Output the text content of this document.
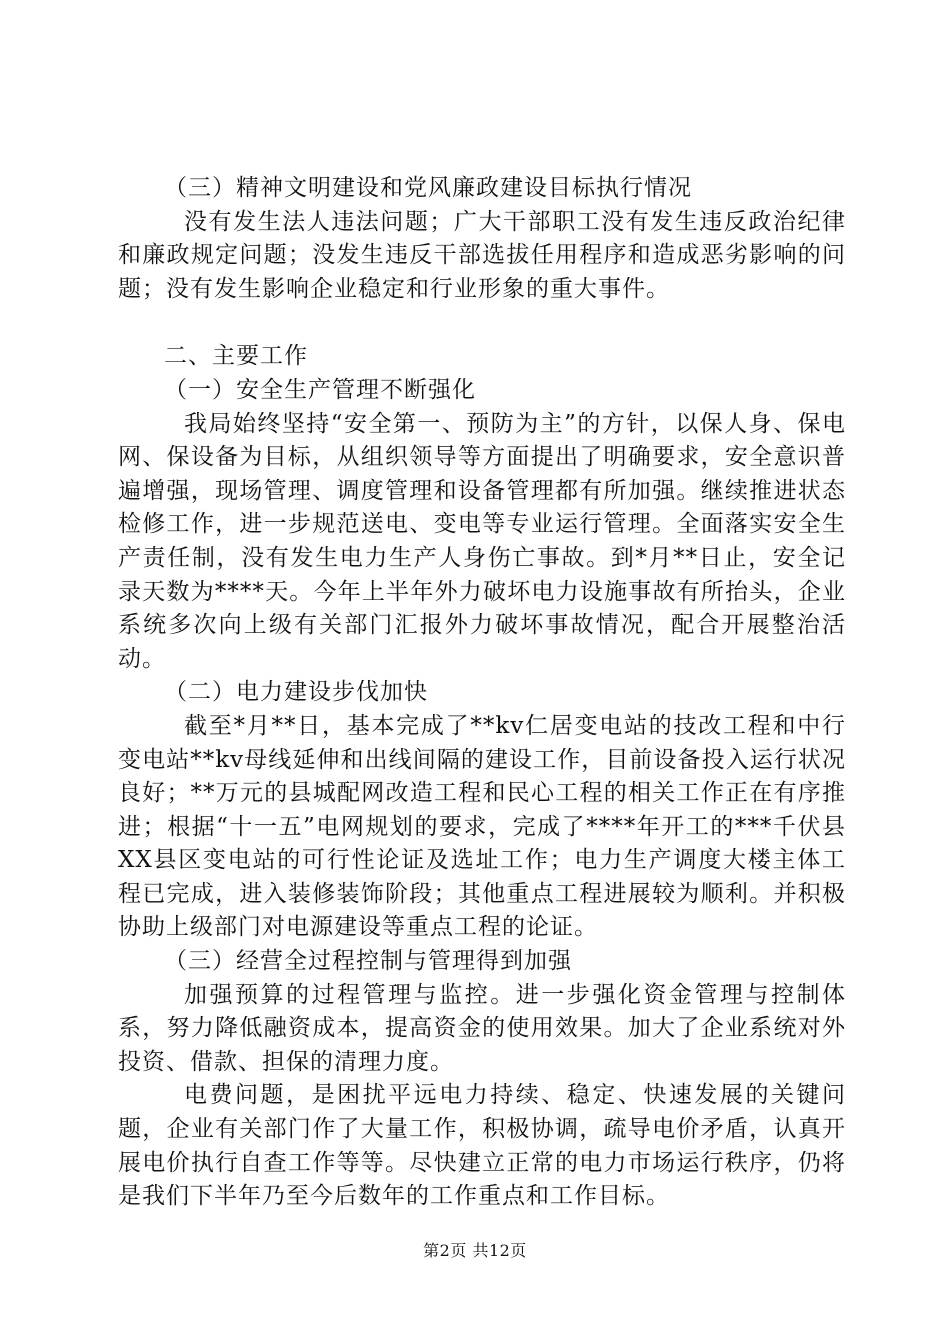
（三）精神文明建设和党风廉政建设目标执行情况

没有发生法人违法问题；广大干部职工没有发生违反政治纪律和廉政规定问题；没发生违反干部选拔任用程序和造成恶劣影响的问题；没有发生影响企业稳定和行业形象的重大事件。

二、主要工作

（一）安全生产管理不断强化

我局始终坚持“安全第一、预防为主”的方针，以保人身、保电网、保设备为目标，从组织领导等方面提出了明确要求，安全意识普遍增强，现场管理、调度管理和设备管理都有所加强。继续推进状态检修工作，进一步规范送电、变电等专业运行管理。全面落实安全生产责任制，没有发生电力生产人身伤亡事故。到*月**日止，安全记录天数为****天。今年上半年外力破坏电力设施事故有所抬头，企业系统多次向上级有关部门汇报外力破坏事故情况，配合开展整治活动。

（二）电力建设步伐加快

截至*月**日，基本完成了**kv仁居变电站的技改工程和中行变电站**kv母线延伸和出线间隔的建设工作，目前设备投入运行状况良好；**万元的县城配网改造工程和民心工程的相关工作正在有序推进；根据“十一五”电网规划的要求，完成了****年开工的***千伏县XX县区变电站的可行性论证及选址工作；电力生产调度大楼主体工程已完成，进入装修装饰阶段；其他重点工程进展较为顺利。并积极协助上级部门对电源建设等重点工程的论证。

（三）经营全过程控制与管理得到加强

加强预算的过程管理与监控。进一步强化资金管理与控制体系，努力降低融资成本，提高资金的使用效果。加大了企业系统对外投资、借款、担保的清理力度。

电费问题，是困扰平远电力持续、稳定、快速发展的关键问题，企业有关部门作了大量工作，积极协调，疏导电价矛盾，认真开展电价执行自查工作等等。尽快建立正常的电力市场运行秩序，仍将是我们下半年乃至今后数年的工作重点和工作目标。

第2页 共12页
